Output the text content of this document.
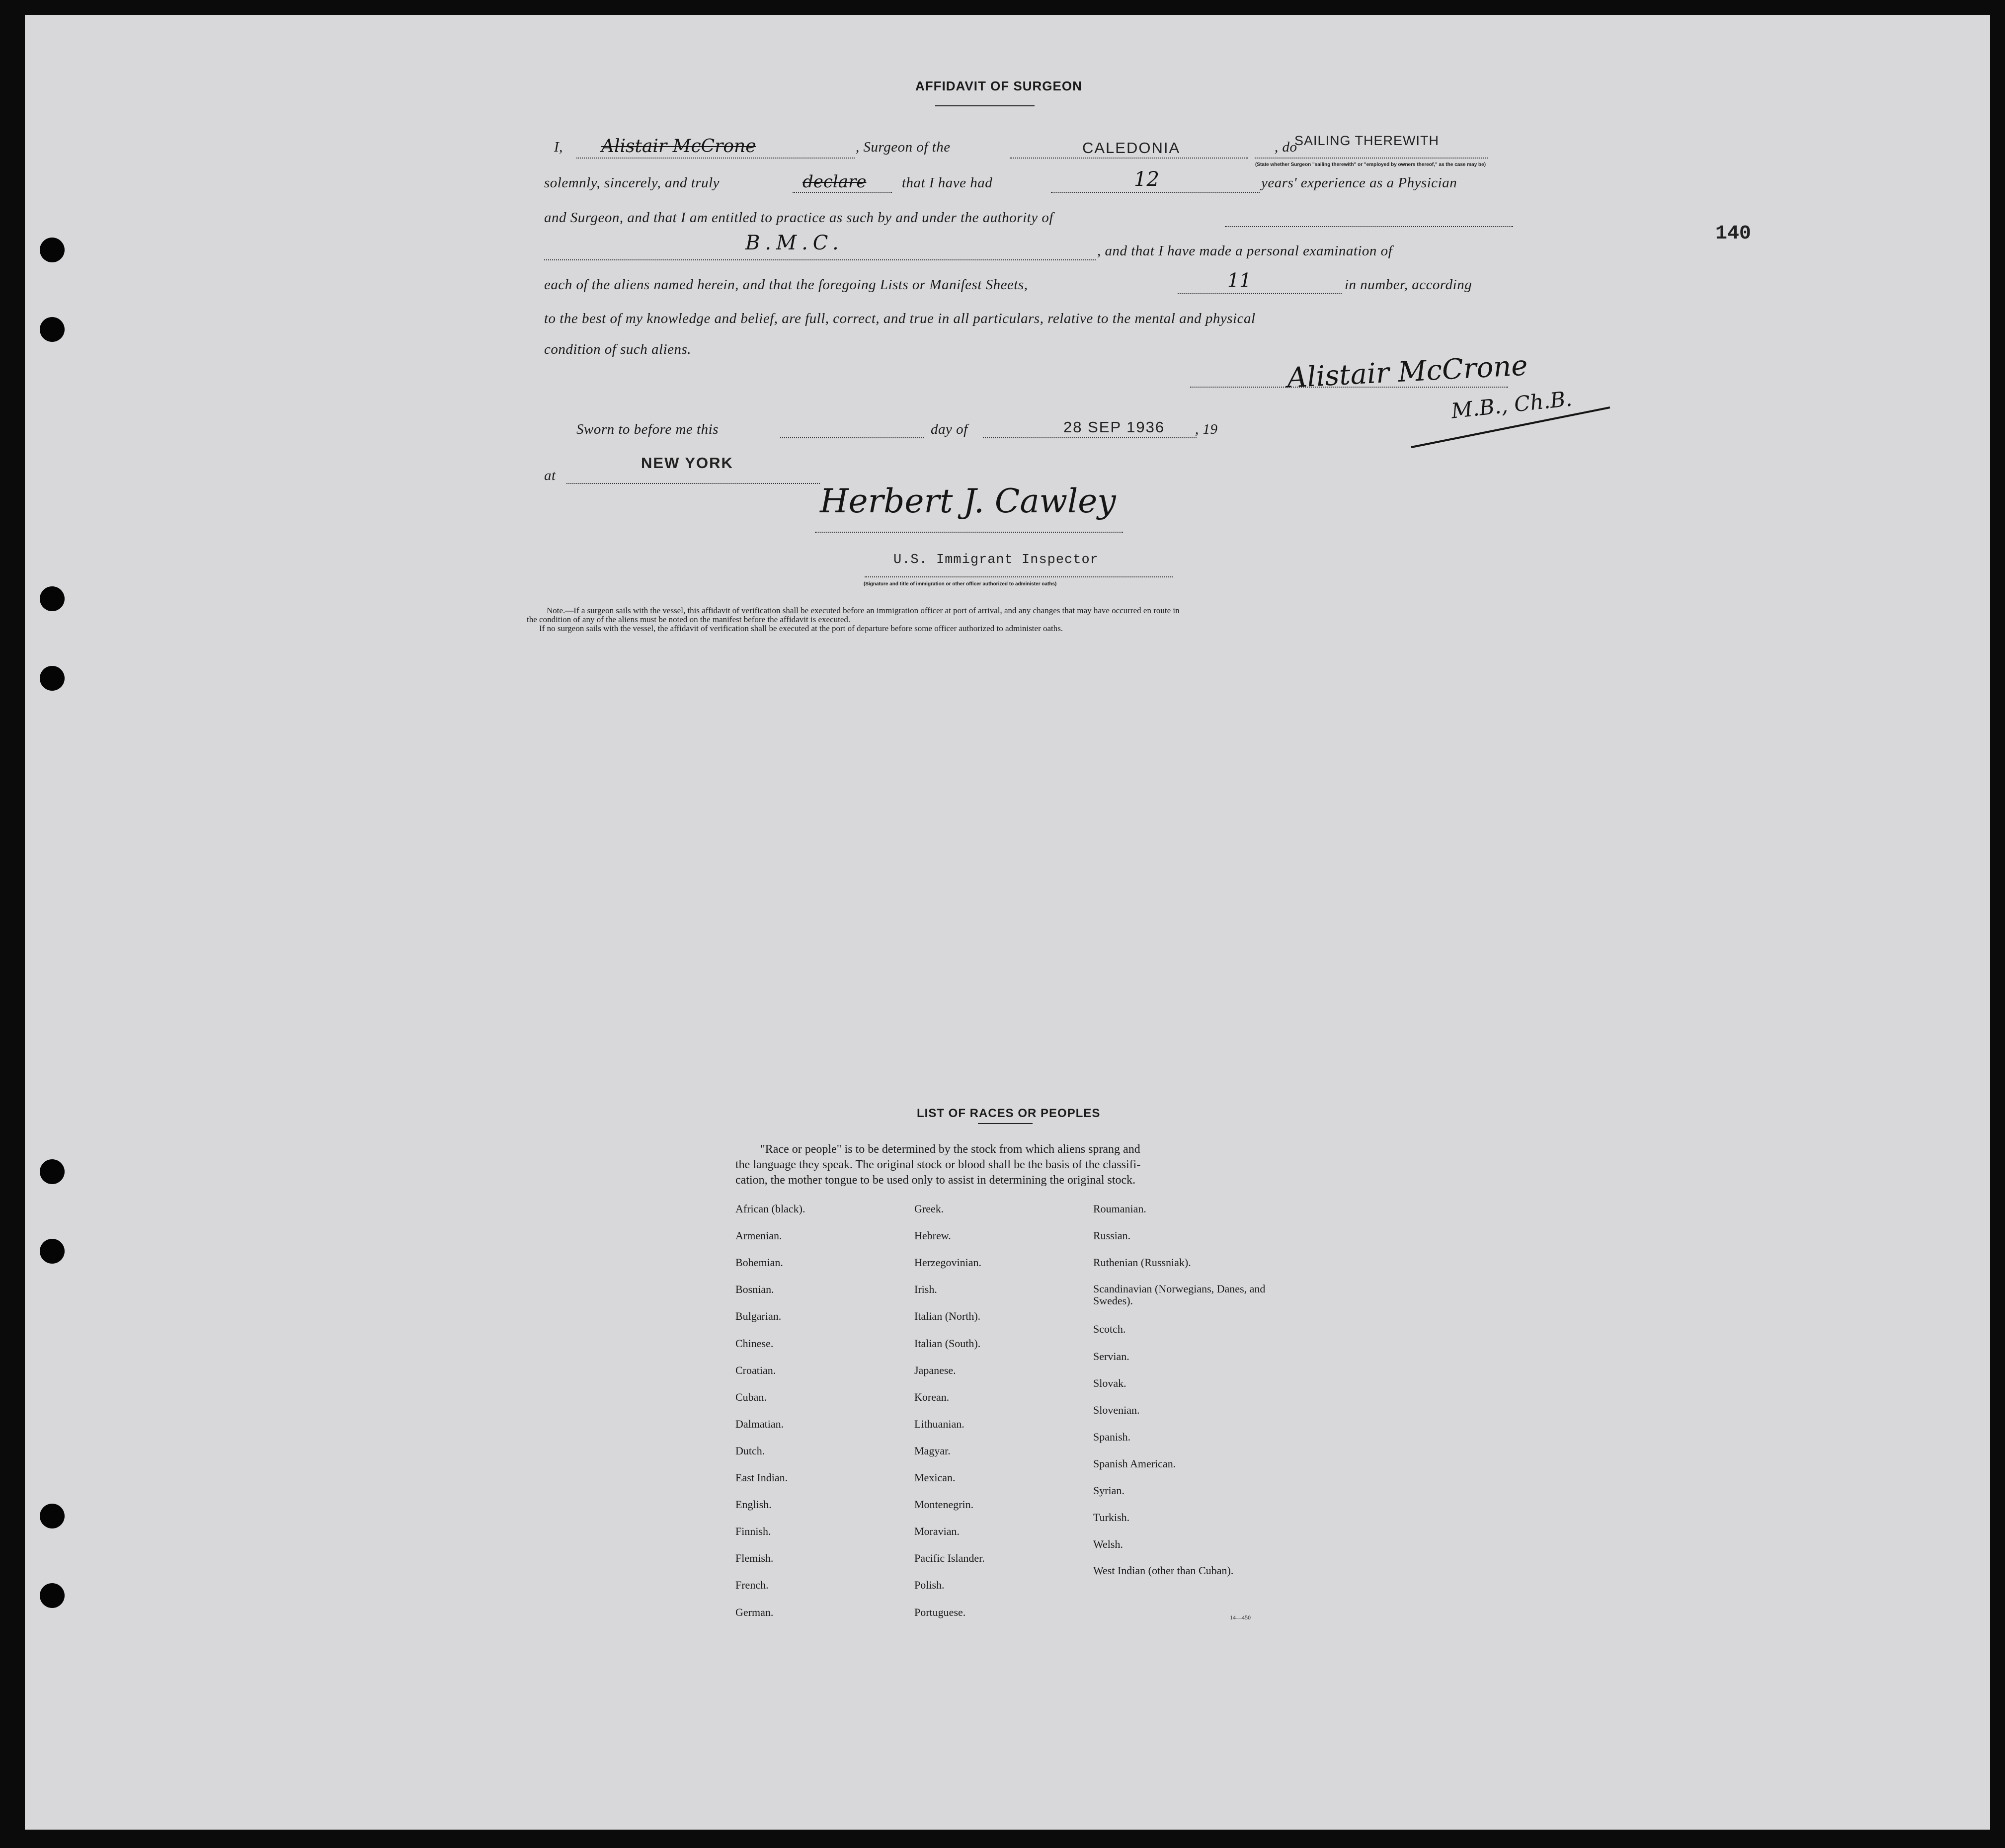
140
AFFIDAVIT OF SURGEON
I, Alistair McCrone	, Surgeon of the	CALEDONIA	SAILING THEREWITH
, do
(State whether Surgeon "sailing therewith" or "employed by owners thereof," as the case may be)
solemnly, sincerely, and truly	declare that I have had	12	years' experience as a Physician
and Surgeon, and that I am entitled to practice as such by and under the authority of
B.M.C.	, and that I have made a personal examination of
each of the aliens named herein, and that the foregoing Lists or Manifest Sheets,	11	in number, according
to the best of my knowledge and belief, are full, correct, and true in all particulars, relative to the mental and physical
condition of such aliens.
Alistair McCrone
M.B., Ch.B.
Sworn to before me this	day of	28 SEP 1936 , 19
at
NEW YORK
Herbert J. Cawley
U.S. Immigrant Inspector
(Signature and title of immigration or other officer authorized to administer oaths)
Note.—If a surgeon sails with the vessel, this affidavit of verification shall be executed before an immigration officer at port of arrival, and any changes that may have occurred en route in
the condition of any of the aliens must be noted on the manifest before the affidavit is executed.
If no surgeon sails with the vessel, the affidavit of verification shall be executed at the port of departure before some officer authorized to administer oaths.
LIST OF RACES OR PEOPLES
"Race or people" is to be determined by the stock from which aliens sprang and
the language they speak. The original stock or blood shall be the basis of the classifi-
cation, the mother tongue to be used only to assist in determining the original stock.
14—450
African (black).
Armenian.
Bohemian.
Bosnian.
Bulgarian.
Chinese.
Croatian.
Cuban.
Dalmatian.
Dutch.
East Indian.
English.
Finnish.
Flemish.
French.
German.
Greek.
Hebrew.
Herzegovinian.
Irish.
Italian (North).
Italian (South).
Japanese.
Korean.
Lithuanian.
Magyar.
Mexican.
Montenegrin.
Moravian.
Pacific Islander.
Polish.
Portuguese.
Roumanian.
Russian.
Ruthenian (Russniak).
Scandinavian (Norwegians, Danes, and Swedes).
Scotch.
Servian.
Slovak.
Slovenian.
Spanish.
Spanish American.
Syrian.
Turkish.
Welsh.
West Indian (other than Cuban).
